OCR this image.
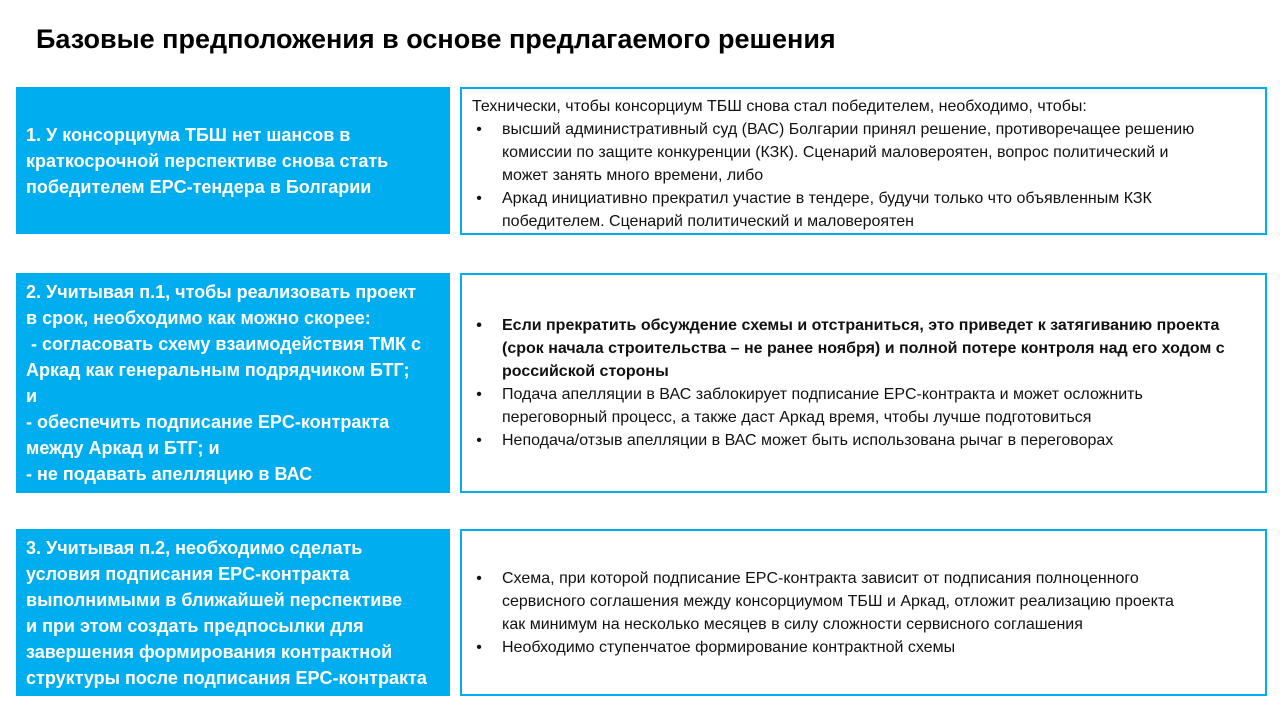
Базовые предположения в основе предлагаемого решения
1. У консорциума ТБШ нет шансов в
краткосрочной перспективе снова стать
победителем EPC-тендера в Болгарии
Технически, чтобы консорциум ТБШ снова стал победителем, необходимо, чтобы:
• высший административный суд (ВАС) Болгарии принял решение, противоречащее решению
комиссии по защите конкуренции (КЗК). Сценарий маловероятен, вопрос политический и
может занять много времени, либо
• Аркад инициативно прекратил участие в тендере, будучи только что объявленным КЗК
победителем. Сценарий политический и маловероятен
2. Учитывая п.1, чтобы реализовать проект
в срок, необходимо как можно скорее:
- согласовать схему взаимодействия ТМК с
Аркад как генеральным подрядчиком БТГ;
и
- обеспечить подписание EPC-контракта
между Аркад и БТГ; и
- не подавать апелляцию в ВАС
• Если прекратить обсуждение схемы и отстраниться, это приведет к затягиванию проекта
(срок начала строительства – не ранее ноября) и полной потере контроля над его ходом с
российской стороны
• Подача апелляции в ВАС заблокирует подписание EPC-контракта и может осложнить
переговорный процесс, а также даст Аркад время, чтобы лучше подготовиться
• Неподача/отзыв апелляции в ВАС может быть использована рычаг в переговорах
3. Учитывая п.2, необходимо сделать
условия подписания EPC-контракта
выполнимыми в ближайшей перспективе
и при этом создать предпосылки для
завершения формирования контрактной
структуры после подписания EPC-контракта
• Схема, при которой подписание EPC-контракта зависит от подписания полноценного
сервисного соглашения между консорциумом ТБШ и Аркад, отложит реализацию проекта
как минимум на несколько месяцев в силу сложности сервисного соглашения
• Необходимо ступенчатое формирование контрактной схемы
